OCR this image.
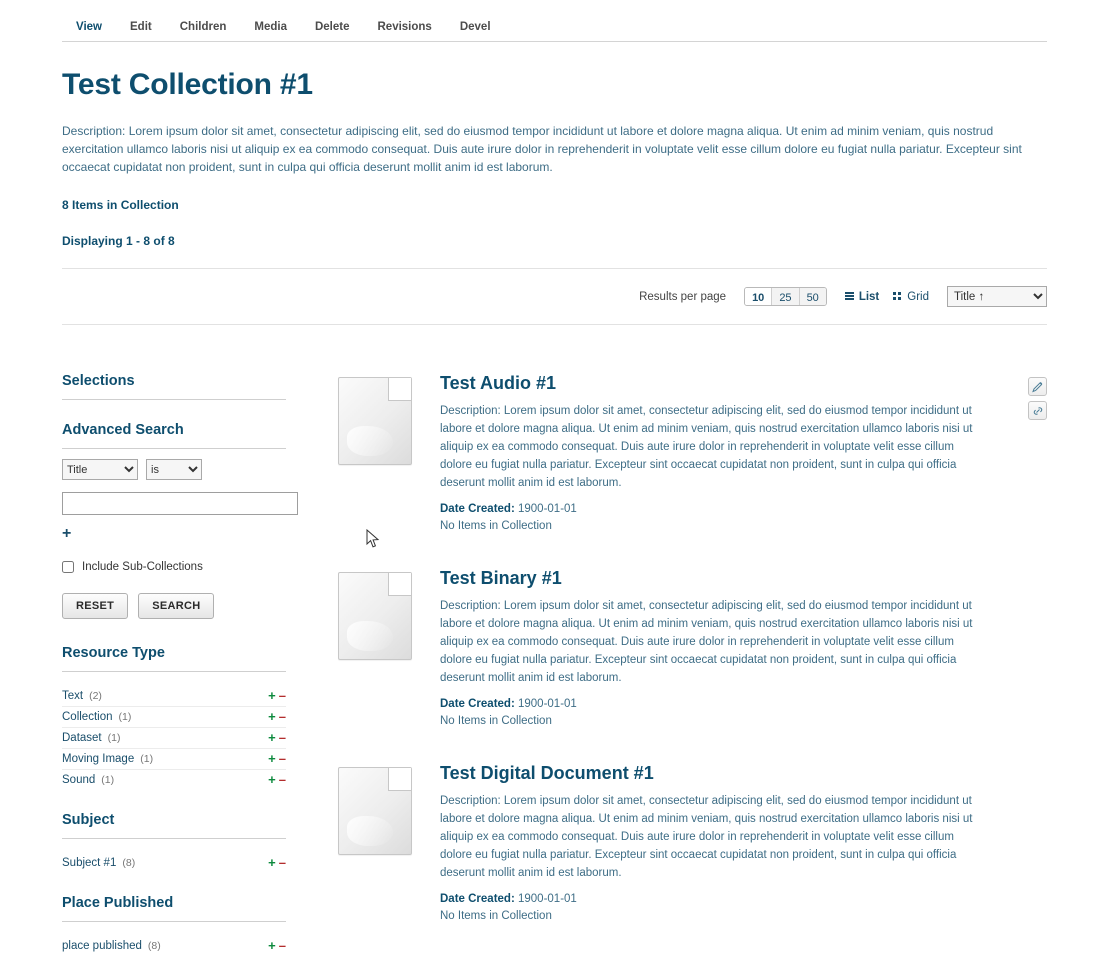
View	Edit	Children	Media	Delete	Revisions	Devel
Test Collection #1

Description: Lorem ipsum dolor sit amet, consectetur adipiscing elit, sed do eiusmod tempor incididunt ut labore et dolore magna aliqua. Ut enim ad minim veniam, quis nostrud exercitation ullamco laboris nisi ut aliquip ex ea commodo consequat. Duis aute irure dolor in reprehenderit in voluptate velit esse cillum dolore eu fugiat nulla pariatur. Excepteur sint occaecat cupidatat non proident, sunt in culpa qui officia deserunt mollit anim id est laborum.

8 Items in Collection
Displaying 1 - 8 of 8
Results per page	10	25	50	List Grid
Title ↑
Selections
Advanced Search
Title
is
+
Include Sub-Collections
RESET	SEARCH
Resource Type
Text (2)	+ –
Collection (1)	+ –
Dataset (1)	+ –
Moving Image (1)	+ –
Sound (1)	+ –
Subject
Subject #1 (8)	+ –
Place Published
place published (8)	+ –
Test Audio #1
Description: Lorem ipsum dolor sit amet, consectetur adipiscing elit, sed do eiusmod tempor incididunt ut labore et dolore magna aliqua. Ut enim ad minim veniam, quis nostrud exercitation ullamco laboris nisi ut aliquip ex ea commodo consequat. Duis aute irure dolor in reprehenderit in voluptate velit esse cillum dolore eu fugiat nulla pariatur. Excepteur sint occaecat cupidatat non proident, sunt in culpa qui officia deserunt mollit anim id est laborum.
Date Created: 1900-01-01
No Items in Collection
Test Binary #1
Description: Lorem ipsum dolor sit amet, consectetur adipiscing elit, sed do eiusmod tempor incididunt ut labore et dolore magna aliqua. Ut enim ad minim veniam, quis nostrud exercitation ullamco laboris nisi ut aliquip ex ea commodo consequat. Duis aute irure dolor in reprehenderit in voluptate velit esse cillum dolore eu fugiat nulla pariatur. Excepteur sint occaecat cupidatat non proident, sunt in culpa qui officia deserunt mollit anim id est laborum.
Date Created: 1900-01-01
No Items in Collection
Test Digital Document #1
Description: Lorem ipsum dolor sit amet, consectetur adipiscing elit, sed do eiusmod tempor incididunt ut labore et dolore magna aliqua. Ut enim ad minim veniam, quis nostrud exercitation ullamco laboris nisi ut aliquip ex ea commodo consequat. Duis aute irure dolor in reprehenderit in voluptate velit esse cillum dolore eu fugiat nulla pariatur. Excepteur sint occaecat cupidatat non proident, sunt in culpa qui officia deserunt mollit anim id est laborum.
Date Created: 1900-01-01
No Items in Collection
